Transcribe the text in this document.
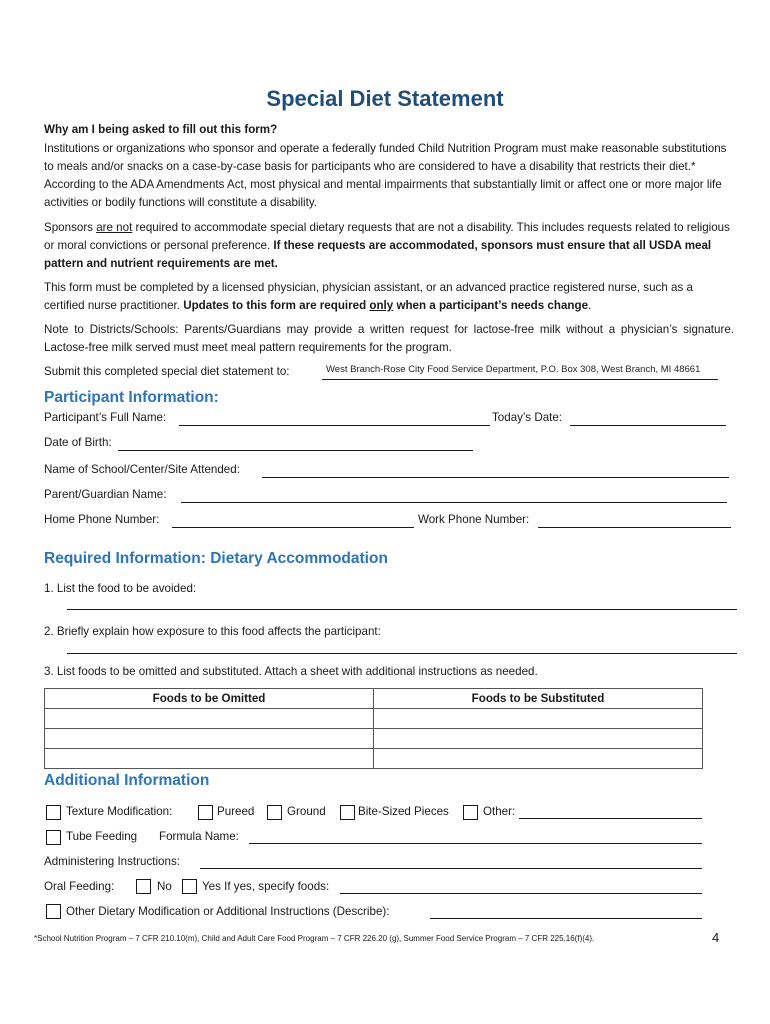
Special Diet Statement
Why am I being asked to fill out this form?
Institutions or organizations who sponsor and operate a federally funded Child Nutrition Program must make reasonable substitutions to meals and/or snacks on a case-by-case basis for participants who are considered to have a disability that restricts their diet.* According to the ADA Amendments Act, most physical and mental impairments that substantially limit or affect one or more major life activities or bodily functions will constitute a disability.
Sponsors are not required to accommodate special dietary requests that are not a disability. This includes requests related to religious or moral convictions or personal preference. If these requests are accommodated, sponsors must ensure that all USDA meal pattern and nutrient requirements are met.
This form must be completed by a licensed physician, physician assistant, or an advanced practice registered nurse, such as a certified nurse practitioner. Updates to this form are required only when a participant’s needs change.
Note to Districts/Schools: Parents/Guardians may provide a written request for lactose-free milk without a physician’s signature. Lactose-free milk served must meet meal pattern requirements for the program.
Submit this completed special diet statement to:	West Branch-Rose City Food Service Department, P.O. Box 308, West Branch, MI 48661
Participant Information:
Participant’s Full Name:	Today’s Date:
Date of Birth:
Name of School/Center/Site Attended:
Parent/Guardian Name:
Home Phone Number:	Work Phone Number:
Required Information: Dietary Accommodation
1. List the food to be avoided:
2. Briefly explain how exposure to this food affects the participant:
3. List foods to be omitted and substituted. Attach a sheet with additional instructions as needed.
Foods to be Omitted	Foods to be Substituted

Additional Information
Texture Modification:	Pureed	Ground	Bite-Sized Pieces	Other:
Tube Feeding Formula Name:
Administering Instructions:
Oral Feeding:	No	Yes If yes, specify foods:
Other Dietary Modification or Additional Instructions (Describe):
*School Nutrition Program – 7 CFR 210.10(m), Child and Adult Care Food Program – 7 CFR 226.20 (g), Summer Food Service Program – 7 CFR 225.16(f)(4).	4
